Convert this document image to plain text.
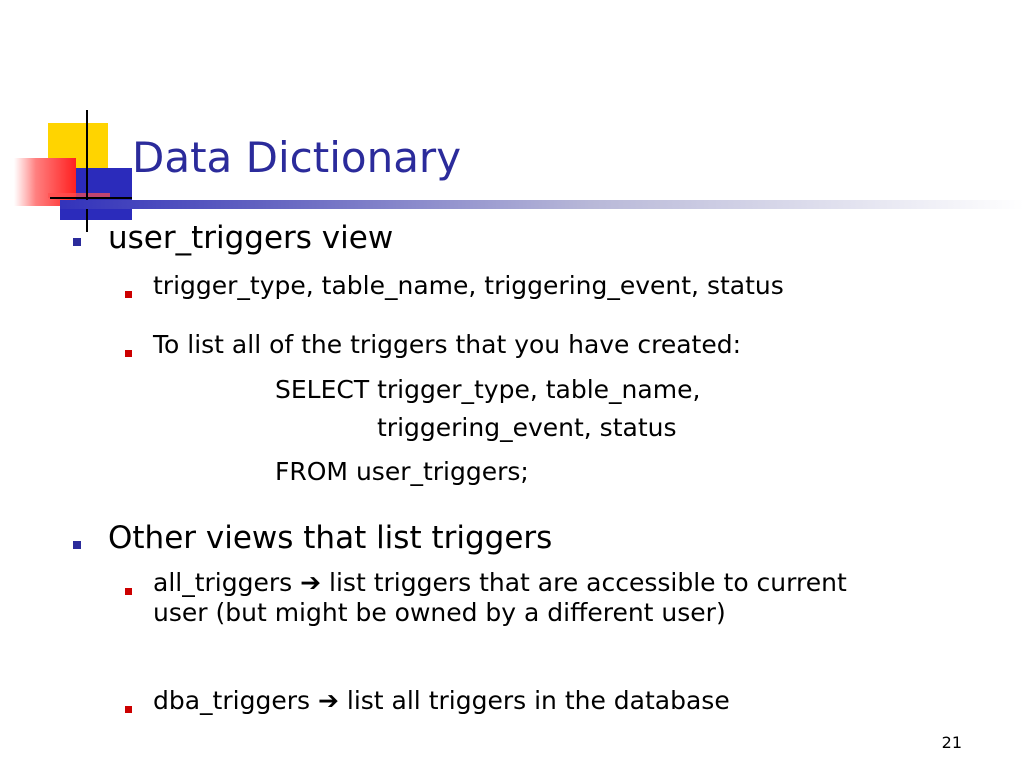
Data Dictionary
user_triggers view
trigger_type, table_name, triggering_event, status
To list all of the triggers that you have created:
SELECT trigger_type, table_name,
triggering_event, status
FROM user_triggers;
Other views that list triggers
all_triggers ➔ list triggers that are accessible to current user (but might be owned by a different user)
dba_triggers ➔ list all triggers in the database
21
